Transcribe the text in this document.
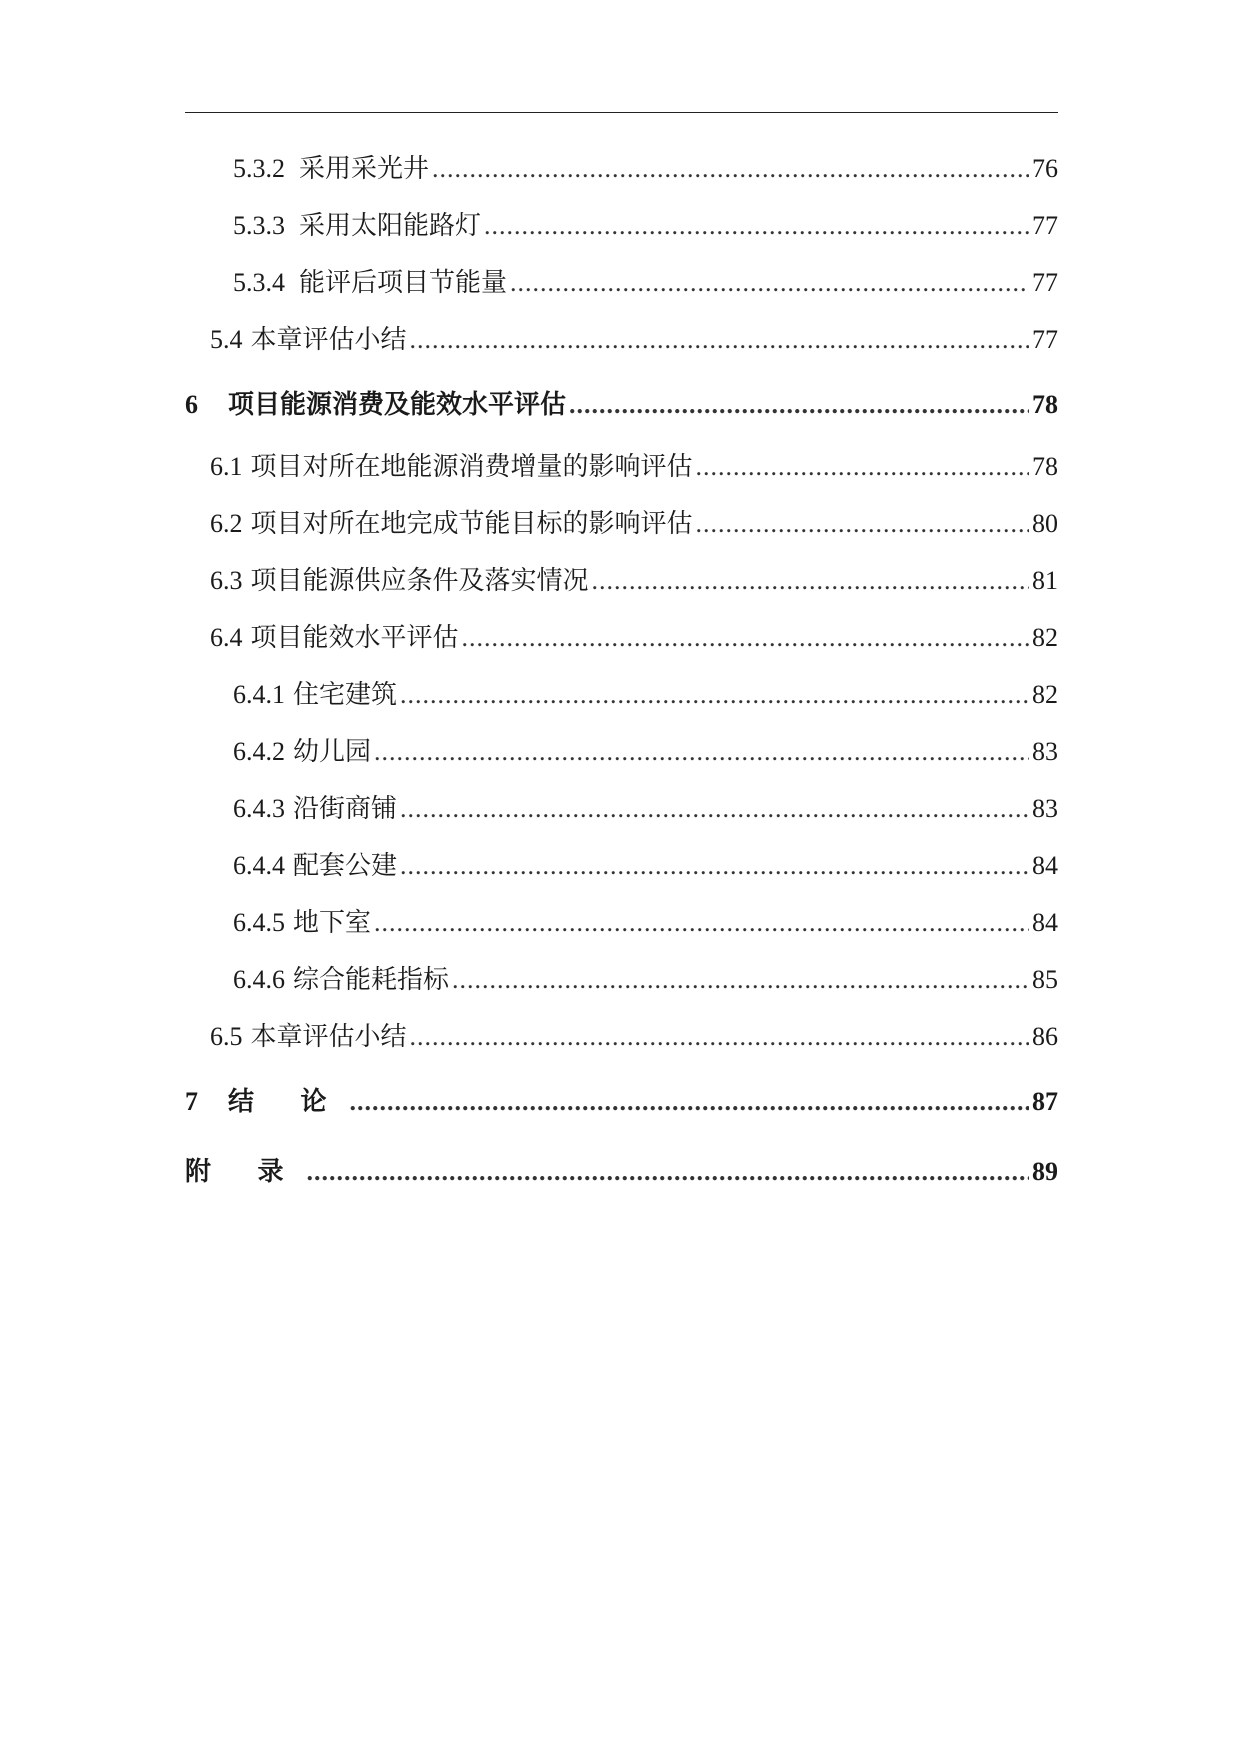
5.3.2 采用采光井 .....	76
5.3.3 采用太阳能路灯 .....	77
5.3.4 能评后项目节能量 .....	77
5.4 本章评估小结 .....	77
6 项目能源消费及能效水平评估 .....	78
6.1 项目对所在地能源消费增量的影响评估 .....	78
6.2 项目对所在地完成节能目标的影响评估 .....	80
6.3 项目能源供应条件及落实情况 .....	81
6.4 项目能效水平评估 .....	82
6.4.1 住宅建筑 .....	82
6.4.2 幼儿园 .....	83
6.4.3 沿街商铺 .....	83
6.4.4 配套公建 .....	84
6.4.5 地下室 .....	84
6.4.6 综合能耗指标 .....	85
6.5 本章评估小结 .....	86
7 结 论 .....	87
附 录 .....	89
